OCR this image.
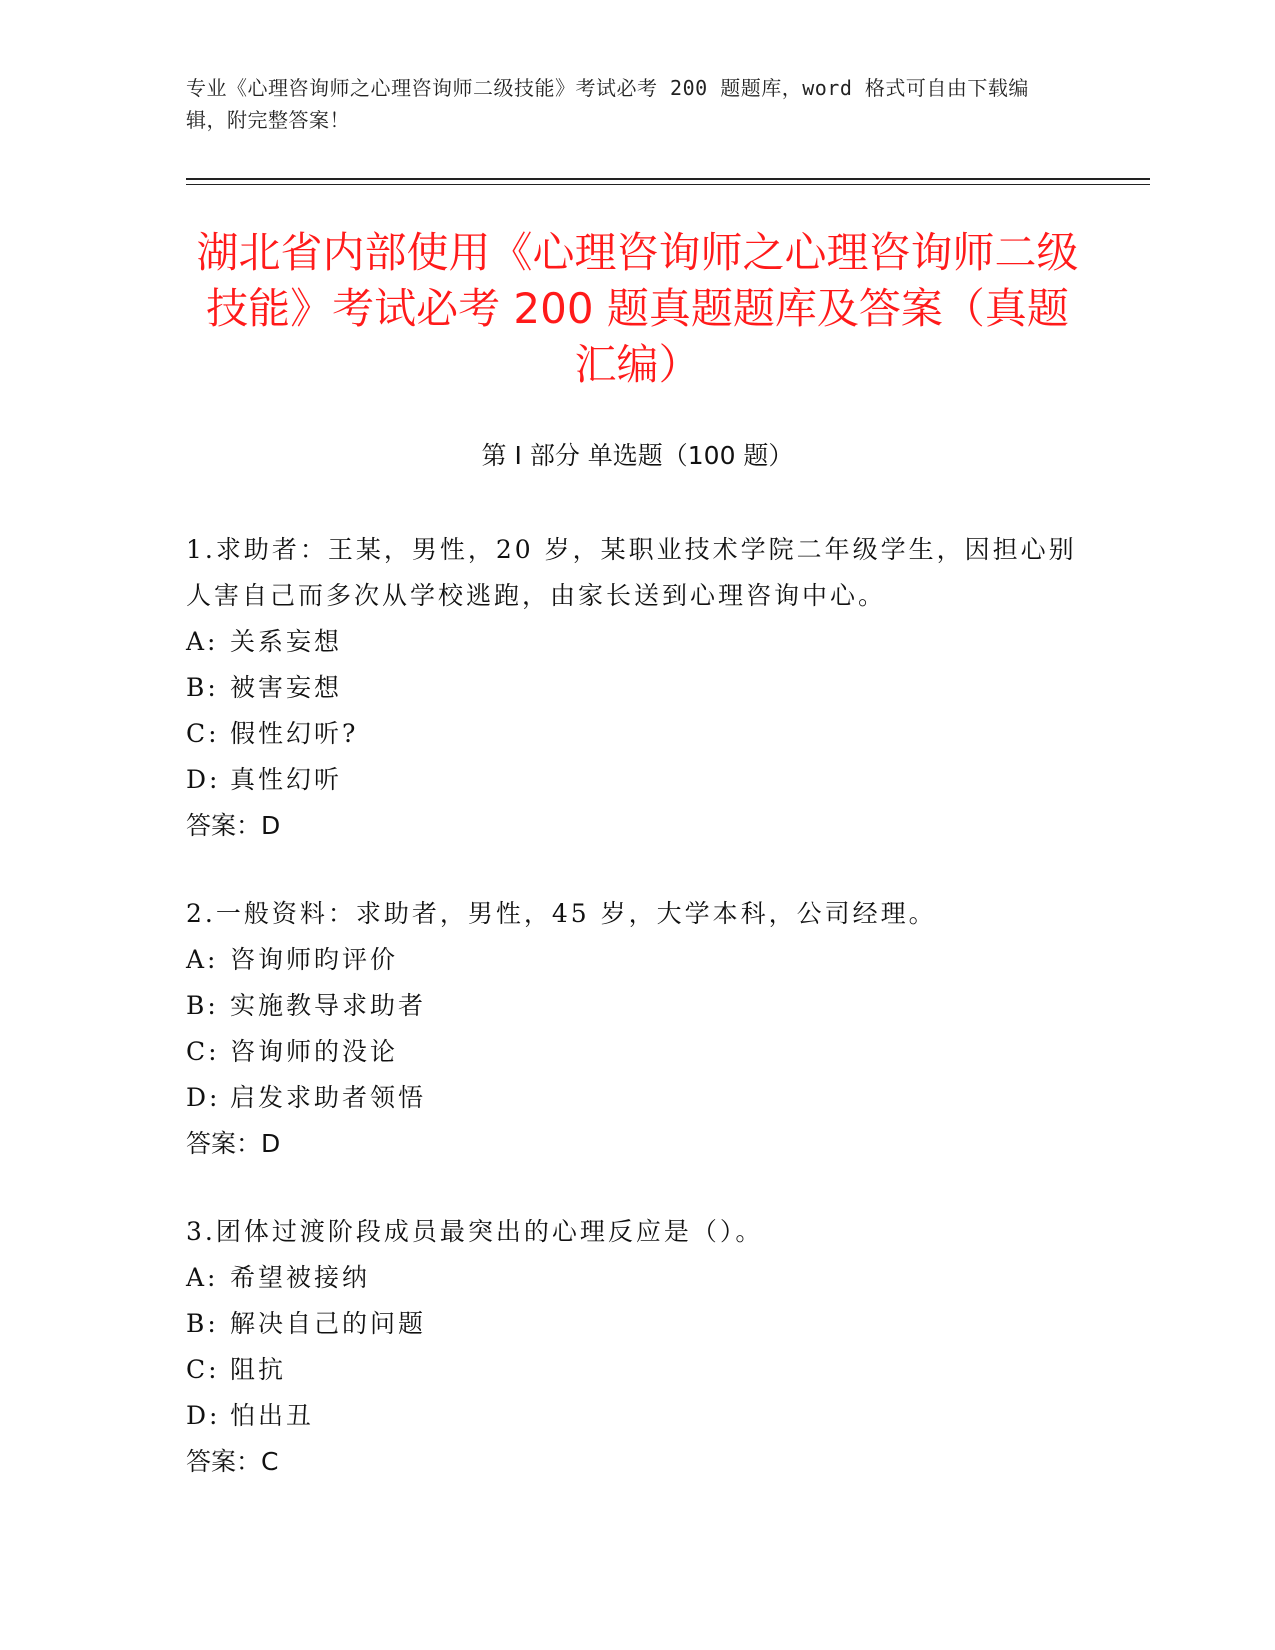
专业《心理咨询师之心理咨询师二级技能》考试必考 200 题题库，word 格式可自由下载编辑，附完整答案！
湖北省内部使用《心理咨询师之心理咨询师二级技能》考试必考 200 题真题题库及答案（真题汇编）
第 I 部分 单选题（100 题）

1.求助者：王某，男性，20 岁，某职业技术学院二年级学生，因担心别人害自己而多次从学校逃跑，由家长送到心理咨询中心。

A: 关系妄想
B: 被害妄想
C: 假性幻听?
D: 真性幻听

答案：D

2.一般资料：求助者，男性，45 岁，大学本科，公司经理。

A: 咨询师昀评价
B: 实施教导求助者
C: 咨询师的没论
D: 启发求助者领悟

答案：D

3.团体过渡阶段成员最突出的心理反应是（）。

A: 希望被接纳
B: 解决自己的问题
C: 阻抗
D: 怕出丑

答案：C
